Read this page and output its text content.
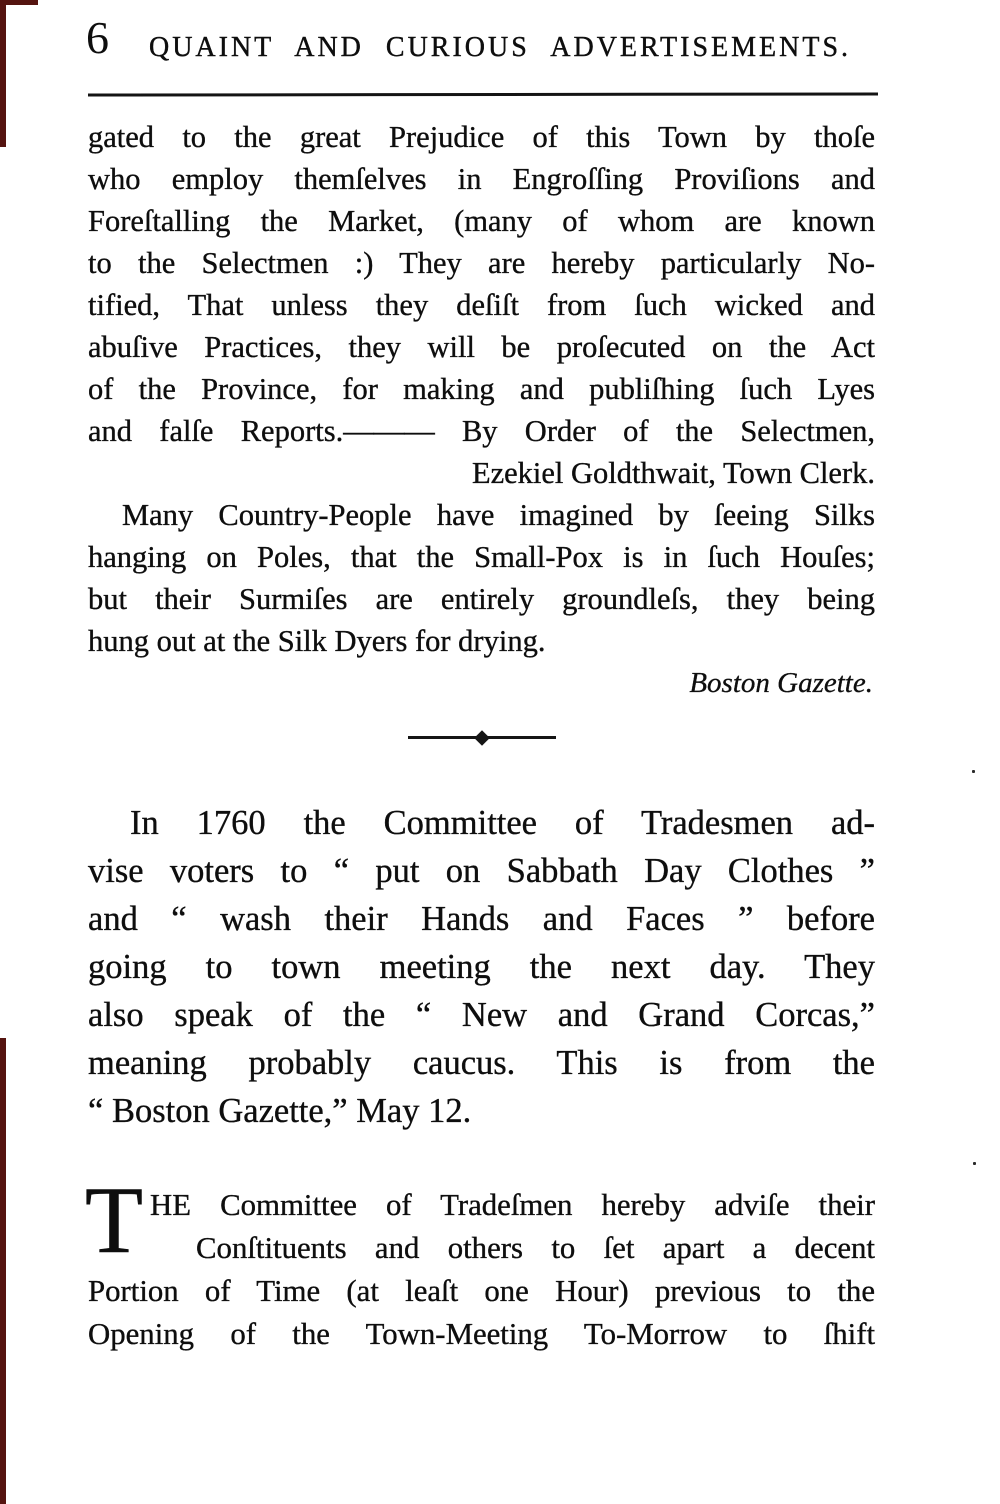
6	QUAINT AND CURIOUS ADVERTISEMENTS.
gated to the great Prejudice of this Town by thoſe
who employ themſelves in Engroſſing Proviſions and
Foreſtalling the Market, (many of whom are known
to the Selectmen :) They are hereby particularly No-
tified, That unless they deſiſt from ſuch wicked and
abuſive Practices, they will be proſecuted on the Act
of the Province, for making and publiſhing ſuch Lyes
and falſe Reports.——— By Order of the Selectmen,
Ezekiel Goldthwait, Town Clerk.
Many Country-People have imagined by ſeeing Silks
hanging on Poles, that the Small-Pox is in ſuch Houſes;
but their Surmiſes are entirely groundleſs, they being
hung out at the Silk Dyers for drying.
Boston Gazette.
In 1760 the Committee of Tradesmen ad-
vise voters to “ put on Sabbath Day Clothes ”
and “ wash their Hands and Faces ” before
going to town meeting the next day. They
also speak of the “ New and Grand Corcas,”
meaning probably caucus. This is from the
“ Boston Gazette,” May 12.
T HE Committee of Tradeſmen hereby adviſe their
Conſtituents and others to ſet apart a decent
Portion of Time (at leaſt one Hour) previous to the
Opening of the Town-Meeting To-Morrow to ſhift
